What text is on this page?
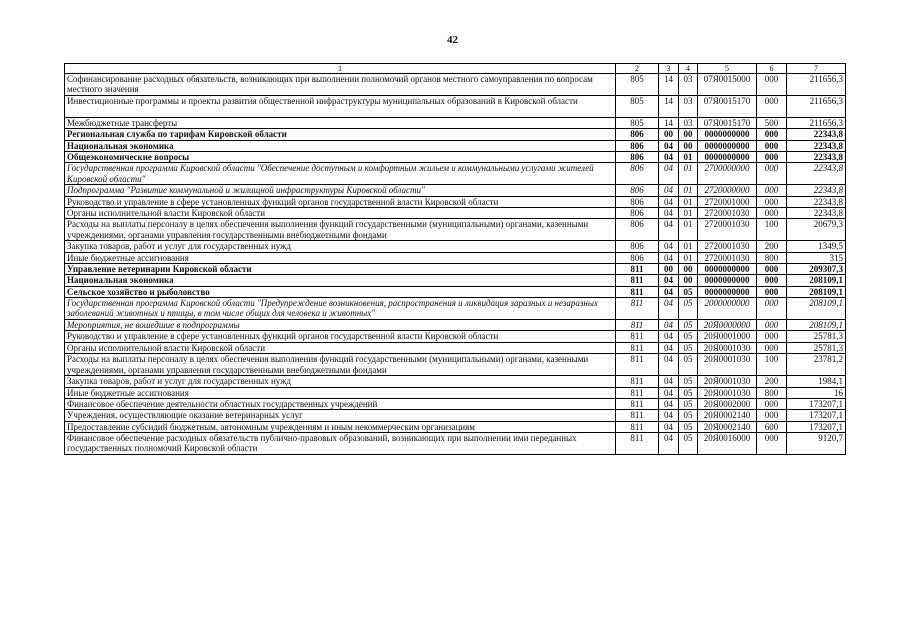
42
1	2	3	4	5	6	7
Софинансирование расходных обязательств, возникающих при выполнении полномочий органов местного самоуправления по вопросам местного значения	805	14	03	07Я0015000	000	211656,3
Инвестиционные программы и проекты развития общественной инфраструктуры муниципальных образований в Кировской области	805	14	03	07Я0015170	000	211656,3
Межбюджетные трансферты	805	14	03	07Я0015170	500	211656,3
Региональная служба по тарифам Кировской области	806	00	00	0000000000	000	22343,8
Национальная экономика	806	04	00	0000000000	000	22343,8
Общеэкономические вопросы	806	04	01	0000000000	000	22343,8
Государственная программа Кировской области "Обеспечение доступным и комфортным жильем и коммунальными услугами жителей Кировской области"	806	04	01	2700000000	000	22343,8
Подпрограмма "Развитие коммунальной и жилищной инфраструктуры Кировской области"	806	04	01	2720000000	000	22343,8
Руководство и управление в сфере установленных функций органов государственной власти Кировской области	806	04	01	2720001000	000	22343,8
Органы исполнительной власти Кировской области	806	04	01	2720001030	000	22343,8
Расходы на выплаты персоналу в целях обеспечения выполнения функций государственными (муниципальными) органами, казенными учреждениями, органами управления государственными внебюджетными фондами	806	04	01	2720001030	100	20679,3
Закупка товаров, работ и услуг для государственных нужд	806	04	01	2720001030	200	1349,5
Иные бюджетные ассигнования	806	04	01	2720001030	800	315
Управление ветеринарии Кировской области	811	00	00	0000000000	000	209307,3
Национальная экономика	811	04	00	0000000000	000	208109,1
Сельское хозяйство и рыболовство	811	04	05	0000000000	000	208109,1
Государственная программа Кировской области "Предупреждение возникновения, распространения и ликвидация заразных и незаразных заболеваний животных и птицы, в том числе общих для человека и животных"	811	04	05	2000000000	000	208109,1
Мероприятия, не вошедшие в подпрограммы	811	04	05	20Я0000000	000	208109,1
Руководство и управление в сфере установленных функций органов государственной власти Кировской области	811	04	05	20Я0001000	000	25781,3
Органы исполнительной власти Кировской области	811	04	05	20Я0001030	000	25781,3
Расходы на выплаты персоналу в целях обеспечения выполнения функций государственными (муниципальными) органами, казенными учреждениями, органами управления государственными внебюджетными фондами	811	04	05	20Я0001030	100	23781,2
Закупка товаров, работ и услуг для государственных нужд	811	04	05	20Я0001030	200	1984,1
Иные бюджетные ассигнования	811	04	05	20Я0001030	800	16
Финансовое обеспечение деятельности областных государственных учреждений	811	04	05	20Я0002000	000	173207,1
Учреждения, осуществляющие оказание ветеринарных услуг	811	04	05	20Я0002140	000	173207,1
Предоставление субсидий бюджетным, автономным учреждениям и иным некоммерческим организациям	811	04	05	20Я0002140	600	173207,1
Финансовое обеспечение расходных обязательств публично-правовых образований, возникающих при выполнении ими переданных государственных полномочий Кировской области	811	04	05	20Я0016000	000	9120,7
